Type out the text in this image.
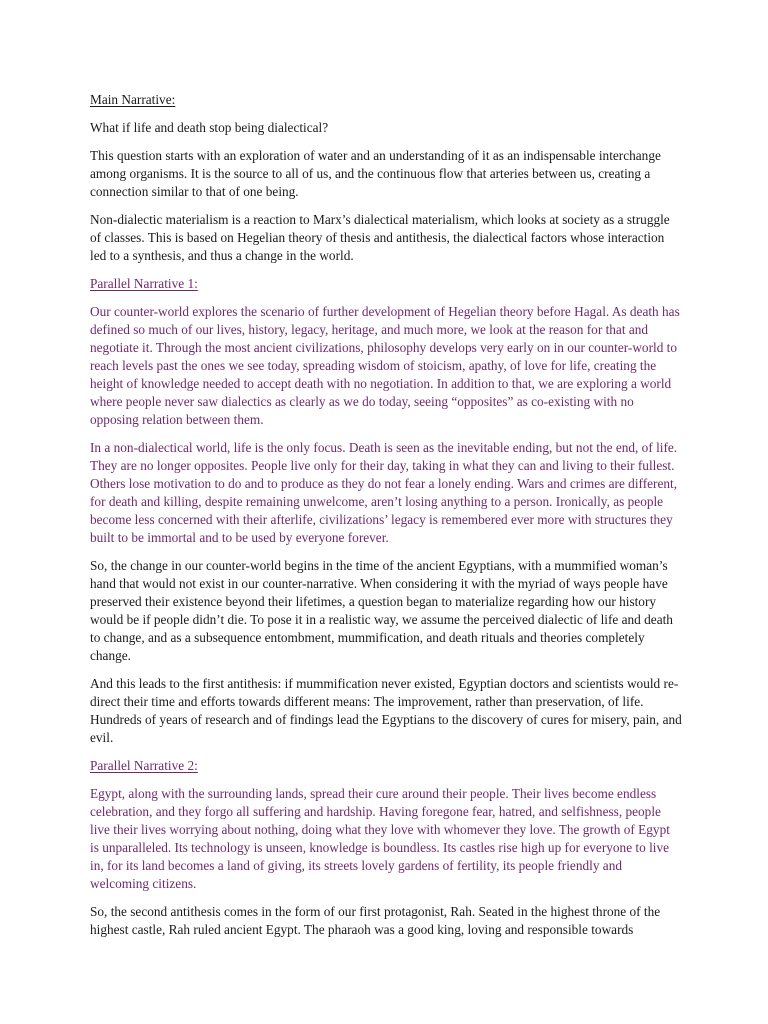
Main Narrative:

What if life and death stop being dialectical?

This question starts with an exploration of water and an understanding of it as an indispensable interchange among organisms. It is the source to all of us, and the continuous flow that arteries between us, creating a connection similar to that of one being.

Non-dialectic materialism is a reaction to Marx’s dialectical materialism, which looks at society as a struggle of classes. This is based on Hegelian theory of thesis and antithesis, the dialectical factors whose interaction led to a synthesis, and thus a change in the world.

Parallel Narrative 1:

Our counter-world explores the scenario of further development of Hegelian theory before Hagal. As death has defined so much of our lives, history, legacy, heritage, and much more, we look at the reason for that and negotiate it. Through the most ancient civilizations, philosophy develops very early on in our counter-world to reach levels past the ones we see today, spreading wisdom of stoicism, apathy, of love for life, creating the height of knowledge needed to accept death with no negotiation. In addition to that, we are exploring a world where people never saw dialectics as clearly as we do today, seeing “opposites” as co-existing with no opposing relation between them.

In a non-dialectical world, life is the only focus. Death is seen as the inevitable ending, but not the end, of life. They are no longer opposites. People live only for their day, taking in what they can and living to their fullest. Others lose motivation to do and to produce as they do not fear a lonely ending. Wars and crimes are different, for death and killing, despite remaining unwelcome, aren’t losing anything to a person. Ironically, as people become less concerned with their afterlife, civilizations’ legacy is remembered ever more with structures they built to be immortal and to be used by everyone forever.

So, the change in our counter-world begins in the time of the ancient Egyptians, with a mummified woman’s hand that would not exist in our counter-narrative. When considering it with the myriad of ways people have preserved their existence beyond their lifetimes, a question began to materialize regarding how our history would be if people didn’t die. To pose it in a realistic way, we assume the perceived dialectic of life and death to change, and as a subsequence entombment, mummification, and death rituals and theories completely change.

And this leads to the first antithesis: if mummification never existed, Egyptian doctors and scientists would re-direct their time and efforts towards different means: The improvement, rather than preservation, of life. Hundreds of years of research and of findings lead the Egyptians to the discovery of cures for misery, pain, and evil.

Parallel Narrative 2:

Egypt, along with the surrounding lands, spread their cure around their people. Their lives become endless celebration, and they forgo all suffering and hardship. Having foregone fear, hatred, and selfishness, people live their lives worrying about nothing, doing what they love with whomever they love. The growth of Egypt is unparalleled. Its technology is unseen, knowledge is boundless. Its castles rise high up for everyone to live in, for its land becomes a land of giving, its streets lovely gardens of fertility, its people friendly and welcoming citizens.

So, the second antithesis comes in the form of our first protagonist, Rah. Seated in the highest throne of the highest castle, Rah ruled ancient Egypt. The pharaoh was a good king, loving and responsible towards
